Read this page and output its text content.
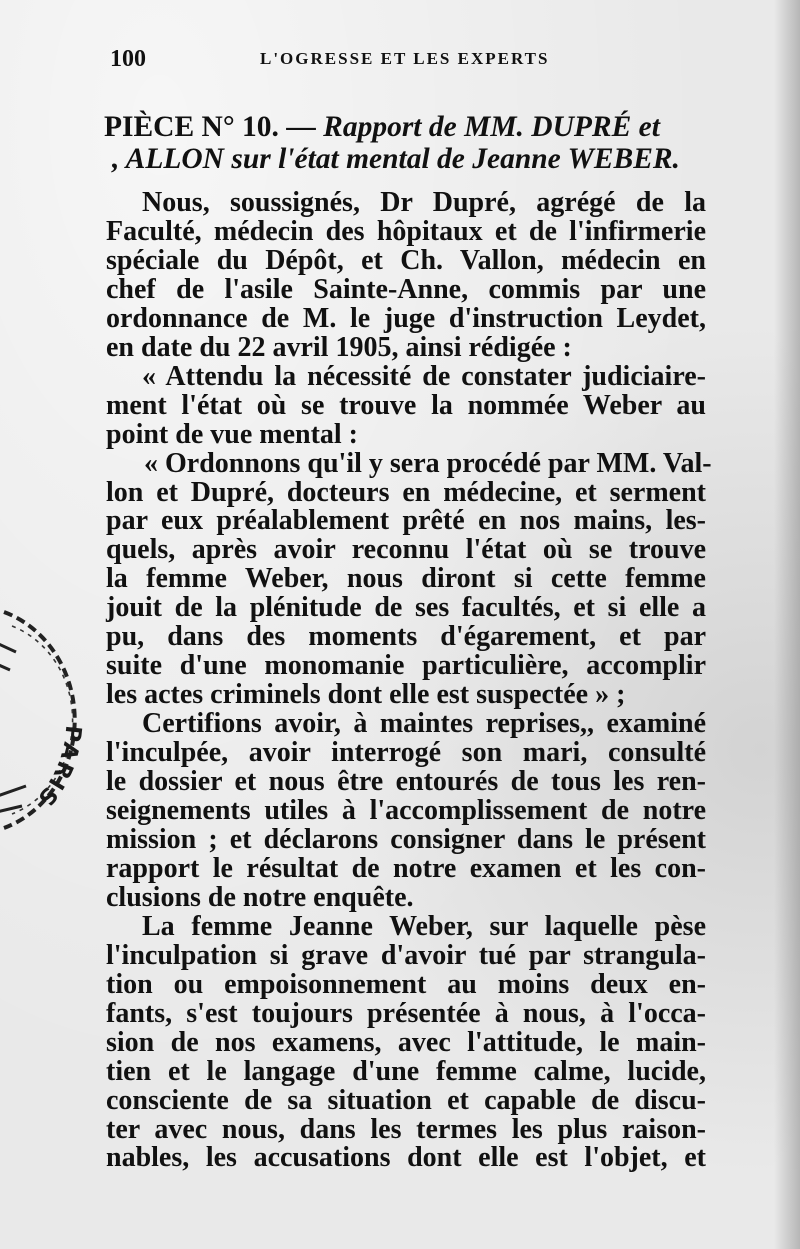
100	L'OGRESSE ET LES EXPERTS
PIÈCE N° 10. — Rapport de MM. DUPRÉ et
, ALLON sur l'état mental de Jeanne WEBER.
Nous, soussignés, Dr Dupré, agrégé de la
Faculté, médecin des hôpitaux et de l'infirmerie
spéciale du Dépôt, et Ch. Vallon, médecin en
chef de l'asile Sainte-Anne, commis par une
ordonnance de M. le juge d'instruction Leydet,
en date du 22 avril 1905, ainsi rédigée :
« Attendu la nécessité de constater judiciaire-
ment l'état où se trouve la nommée Weber au
point de vue mental :
« Ordonnons qu'il y sera procédé par MM. Val-
lon et Dupré, docteurs en médecine, et serment
par eux préalablement prêté en nos mains, les-
quels, après avoir reconnu l'état où se trouve
la femme Weber, nous diront si cette femme
jouit de la plénitude de ses facultés, et si elle a
pu, dans des moments d'égarement, et par
suite d'une monomanie particulière, accomplir
les actes criminels dont elle est suspectée » ;
Certifions avoir, à maintes reprises,, examiné
l'inculpée, avoir interrogé son mari, consulté
le dossier et nous être entourés de tous les ren-
seignements utiles à l'accomplissement de notre
mission ; et déclarons consigner dans le présent
rapport le résultat de notre examen et les con-
clusions de notre enquête.
La femme Jeanne Weber, sur laquelle pèse
l'inculpation si grave d'avoir tué par strangula-
tion ou empoisonnement au moins deux en-
fants, s'est toujours présentée à nous, à l'occa-
sion de nos examens, avec l'attitude, le main-
tien et le langage d'une femme calme, lucide,
consciente de sa situation et capable de discu-
ter avec nous, dans les termes les plus raison-
nables, les accusations dont elle est l'objet, et
PARIS
